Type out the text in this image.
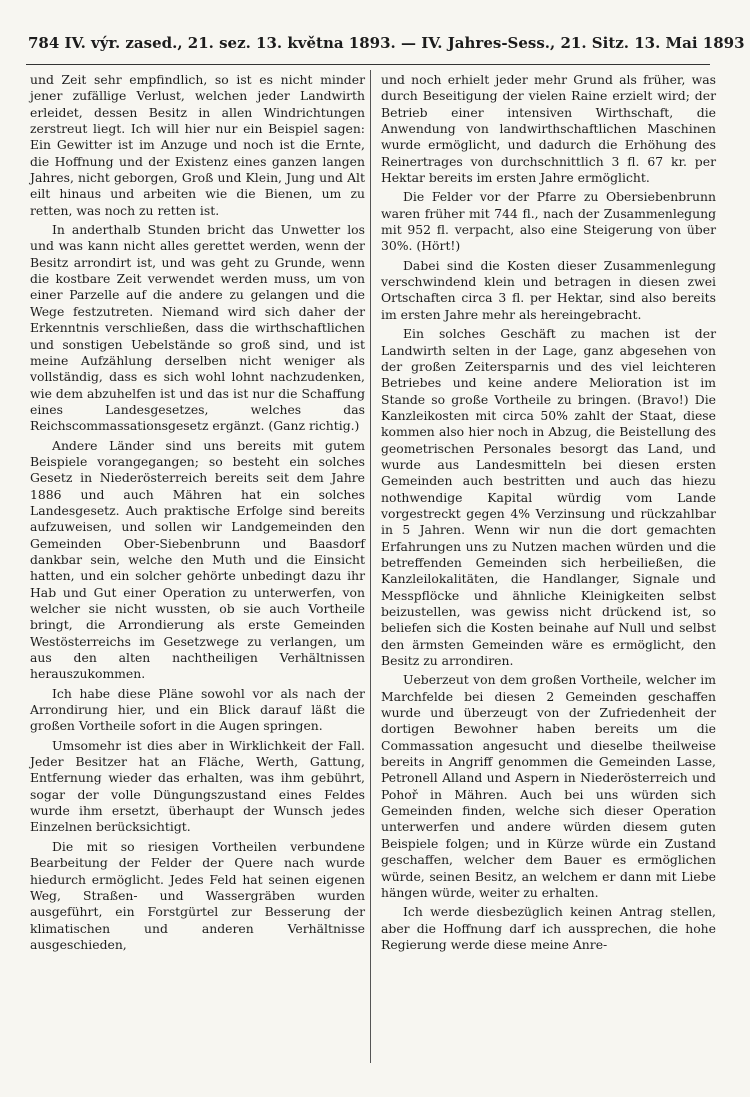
784 IV. výr. zased., 21. sez. 13. května 1893. — IV. Jahres-Sess., 21. Sitz. 13. Mai 1893

und Zeit sehr empfindlich, so ist es nicht minder jener zufällige Verlust, welchen jeder Landwirth erleidet, dessen Besitz in allen Windrichtungen zerstreut liegt. Ich will hier nur ein Beispiel sagen: Ein Gewitter ist im Anzuge und noch ist die Ernte, die Hoffnung und der Existenz eines ganzen langen Jahres, nicht geborgen, Groß und Klein, Jung und Alt eilt hinaus und arbeiten wie die Bienen, um zu retten, was noch zu retten ist.

In anderthalb Stunden bricht das Unwetter los und was kann nicht alles gerettet werden, wenn der Besitz arrondirt ist, und was geht zu Grunde, wenn die kostbare Zeit verwendet werden muss, um von einer Parzelle auf die andere zu gelangen und die Wege festzutreten. Niemand wird sich daher der Erkenntnis verschließen, dass die wirthschaftlichen und sonstigen Uebelstände so groß sind, und ist meine Aufzählung derselben nicht weniger als vollständig, dass es sich wohl lohnt nachzudenken, wie dem abzuhelfen ist und das ist nur die Schaffung eines Landesgesetzes, welches das Reichscommassationsgesetz ergänzt. (Ganz richtig.)

Andere Länder sind uns bereits mit gutem Beispiele vorangegangen; so besteht ein solches Gesetz in Niederösterreich bereits seit dem Jahre 1886 und auch Mähren hat ein solches Landesgesetz. Auch praktische Erfolge sind bereits aufzuweisen, und sollen wir Landgemeinden den Gemeinden Ober-Siebenbrunn und Baasdorf dankbar sein, welche den Muth und die Einsicht hatten, und ein solcher gehörte unbedingt dazu ihr Hab und Gut einer Operation zu unterwerfen, von welcher sie nicht wussten, ob sie auch Vortheile bringt, die Arrondierung als erste Gemeinden Westösterreichs im Gesetzwege zu verlangen, um aus den alten nachtheiligen Verhältnissen herauszukommen.

Ich habe diese Pläne sowohl vor als nach der Arrondirung hier, und ein Blick darauf läßt die großen Vortheile sofort in die Augen springen.

Umsomehr ist dies aber in Wirklichkeit der Fall. Jeder Besitzer hat an Fläche, Werth, Gattung, Entfernung wieder das erhalten, was ihm gebührt, sogar der volle Düngungszustand eines Feldes wurde ihm ersetzt, überhaupt der Wunsch jedes Einzelnen berücksichtigt.

Die mit so riesigen Vortheilen verbundene Bearbeitung der Felder der Quere nach wurde hiedurch ermöglicht. Jedes Feld hat seinen eigenen Weg, Straßen- und Wassergräben wurden ausgeführt, ein Forstgürtel zur Besserung der klimatischen und anderen Verhältnisse ausgeschieden,

und noch erhielt jeder mehr Grund als früher, was durch Beseitigung der vielen Raine erzielt wird; der Betrieb einer intensiven Wirthschaft, die Anwendung von landwirthschaftlichen Maschinen wurde ermöglicht, und dadurch die Erhöhung des Reinertrages von durchschnittlich 3 fl. 67 kr. per Hektar bereits im ersten Jahre ermöglicht.

Die Felder vor der Pfarre zu Obersiebenbrunn waren früher mit 744 fl., nach der Zusammenlegung mit 952 fl. verpacht, also eine Steigerung von über 30%. (Hört!)

Dabei sind die Kosten dieser Zusammenlegung verschwindend klein und betragen in diesen zwei Ortschaften circa 3 fl. per Hektar, sind also bereits im ersten Jahre mehr als hereingebracht.

Ein solches Geschäft zu machen ist der Landwirth selten in der Lage, ganz abgesehen von der großen Zeitersparnis und des viel leichteren Betriebes und keine andere Melioration ist im Stande so große Vortheile zu bringen. (Bravo!) Die Kanzleikosten mit circa 50% zahlt der Staat, diese kommen also hier noch in Abzug, die Beistellung des geometrischen Personales besorgt das Land, und wurde aus Landesmitteln bei diesen ersten Gemeinden auch bestritten und auch das hiezu nothwendige Kapital würdig vom Lande vorgestreckt gegen 4% Verzinsung und rückzahlbar in 5 Jahren. Wenn wir nun die dort gemachten Erfahrungen uns zu Nutzen machen würden und die betreffenden Gemeinden sich herbeiließen, die Kanzleilokalitäten, die Handlanger, Signale und Messpflöcke und ähnliche Kleinigkeiten selbst beizustellen, was gewiss nicht drückend ist, so beliefen sich die Kosten beinahe auf Null und selbst den ärmsten Gemeinden wäre es ermöglicht, den Besitz zu arrondiren.

Ueberzeut von dem großen Vortheile, welcher im Marchfelde bei diesen 2 Gemeinden geschaffen wurde und überzeugt von der Zufriedenheit der dortigen Bewohner haben bereits um die Commassation angesucht und dieselbe theilweise bereits in Angriff genommen die Gemeinden Lasse, Petronell Alland und Aspern in Niederösterreich und Pohoř in Mähren. Auch bei uns würden sich Gemeinden finden, welche sich dieser Operation unterwerfen und andere würden diesem guten Beispiele folgen; und in Kürze würde ein Zustand geschaffen, welcher dem Bauer es ermöglichen würde, seinen Besitz, an welchem er dann mit Liebe hängen würde, weiter zu erhalten.

Ich werde diesbezüglich keinen Antrag stellen, aber die Hoffnung darf ich aussprechen, die hohe Regierung werde diese meine Anre-
